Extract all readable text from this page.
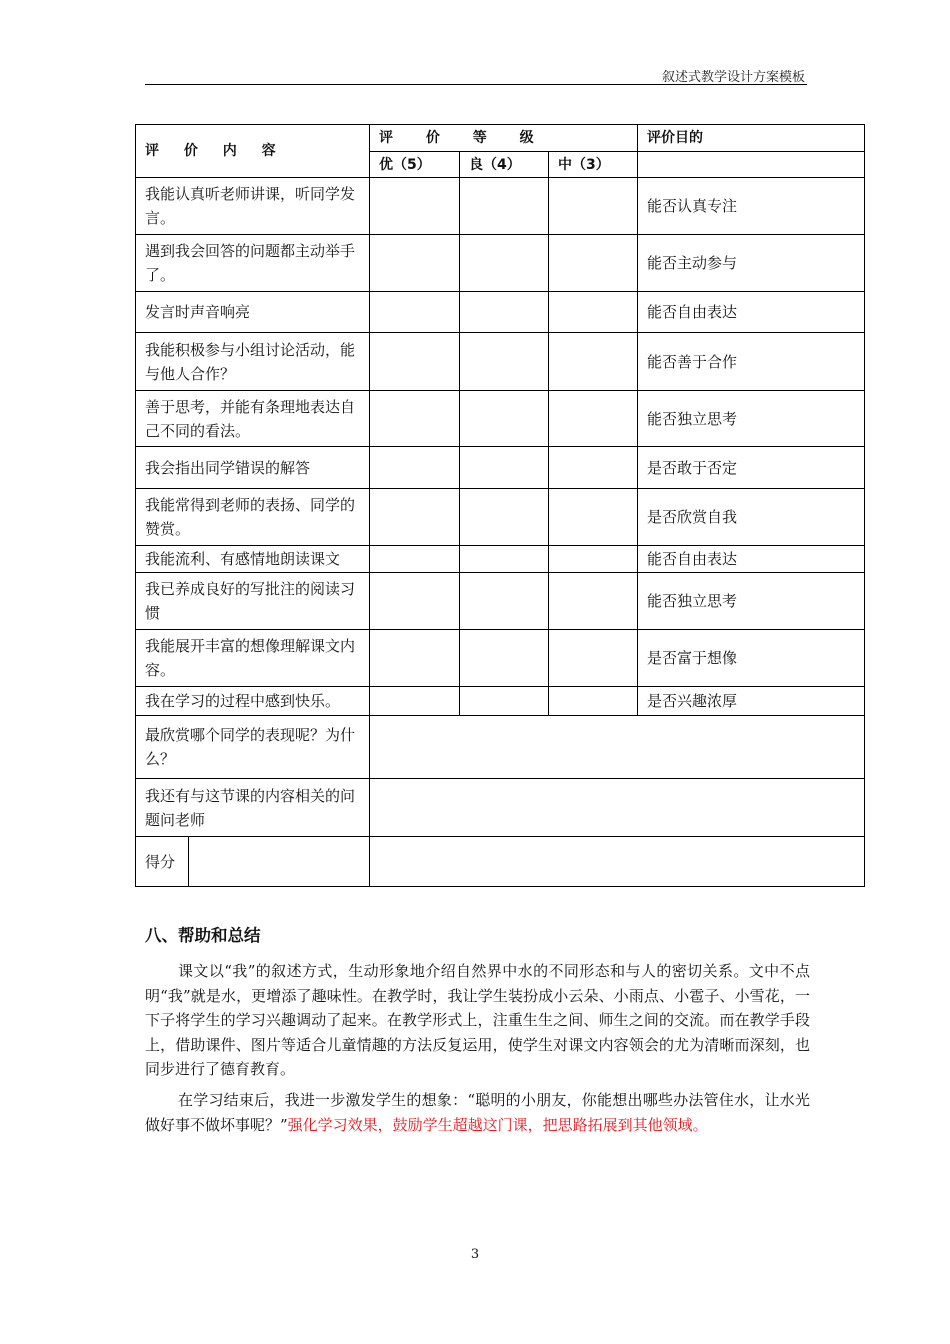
叙述式教学设计方案模板
评 价 内 容		评 价 等 级			评价目的
		优（5）	良（4）	中（3）	
我能认真听老师讲课，听同学发言。					能否认真专注
遇到我会回答的问题都主动举手了。					能否主动参与
发言时声音响亮					能否自由表达
我能积极参与小组讨论活动，能与他人合作？					能否善于合作
善于思考，并能有条理地表达自己不同的看法。					能否独立思考
我会指出同学错误的解答					是否敢于否定
我能常得到老师的表扬、同学的赞赏。					是否欣赏自我
我能流利、有感情地朗读课文					能否自由表达
我已养成良好的写批注的阅读习惯					能否独立思考
我能展开丰富的想像理解课文内容。					是否富于想像
我在学习的过程中感到快乐。					是否兴趣浓厚
最欣赏哪个同学的表现呢？为什么？					
我还有与这节课的内容相关的问题问老师					
得分					
八、帮助和总结

课文以“我”的叙述方式，生动形象地介绍自然界中水的不同形态和与人的密切关系。文中不点明“我”就是水，更增添了趣味性。在教学时，我让学生装扮成小云朵、小雨点、小雹子、小雪花，一下子将学生的学习兴趣调动了起来。在教学形式上，注重生生之间、师生之间的交流。而在教学手段上，借助课件、图片等适合儿童情趣的方法反复运用，使学生对课文内容领会的尤为清晰而深刻，也同步进行了德育教育。

在学习结束后，我进一步激发学生的想象：“聪明的小朋友，你能想出哪些办法管住水，让水光做好事不做坏事呢？”强化学习效果，鼓励学生超越这门课，把思路拓展到其他领域。

3
